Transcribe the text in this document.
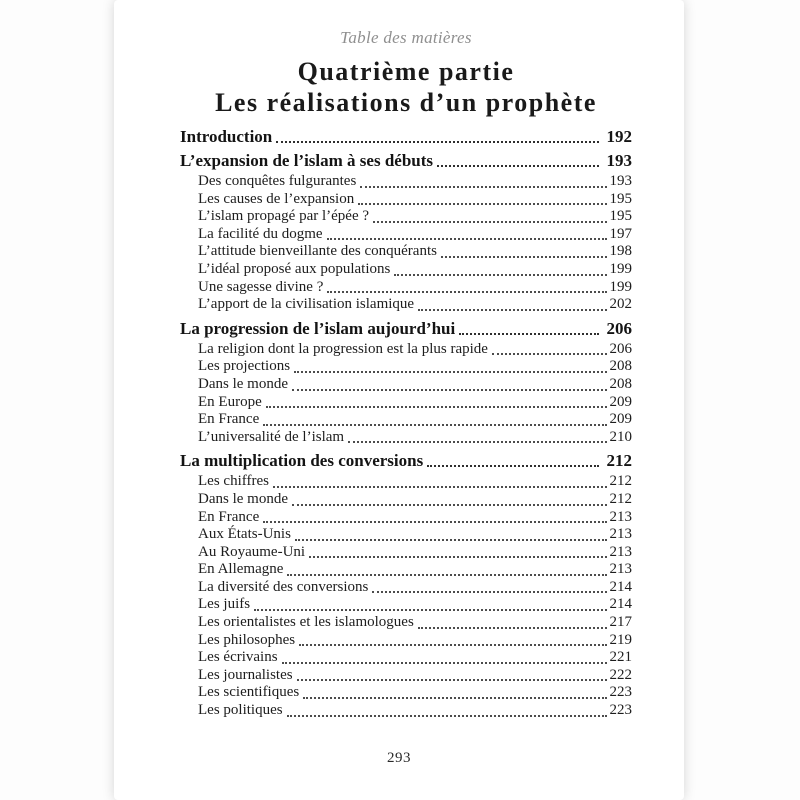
Table des matières
Quatrième partie
Les réalisations d’un prophète
Introduction	192
L’expansion de l’islam à ses débuts	193
Des conquêtes fulgurantes	193
Les causes de l’expansion	195
L’islam propagé par l’épée ?	195
La facilité du dogme	197
L’attitude bienveillante des conquérants	198
L’idéal proposé aux populations	199
Une sagesse divine ?	199
L’apport de la civilisation islamique	202
La progression de l’islam aujourd’hui	206
La religion dont la progression est la plus rapide	206
Les projections	208
Dans le monde	208
En Europe	209
En France	209
L’universalité de l’islam	210
La multiplication des conversions	212
Les chiffres	212
Dans le monde	212
En France	213
Aux États-Unis	213
Au Royaume-Uni	213
En Allemagne	213
La diversité des conversions	214
Les juifs	214
Les orientalistes et les islamologues	217
Les philosophes	219
Les écrivains	221
Les journalistes	222
Les scientifiques	223
Les politiques	223
293
